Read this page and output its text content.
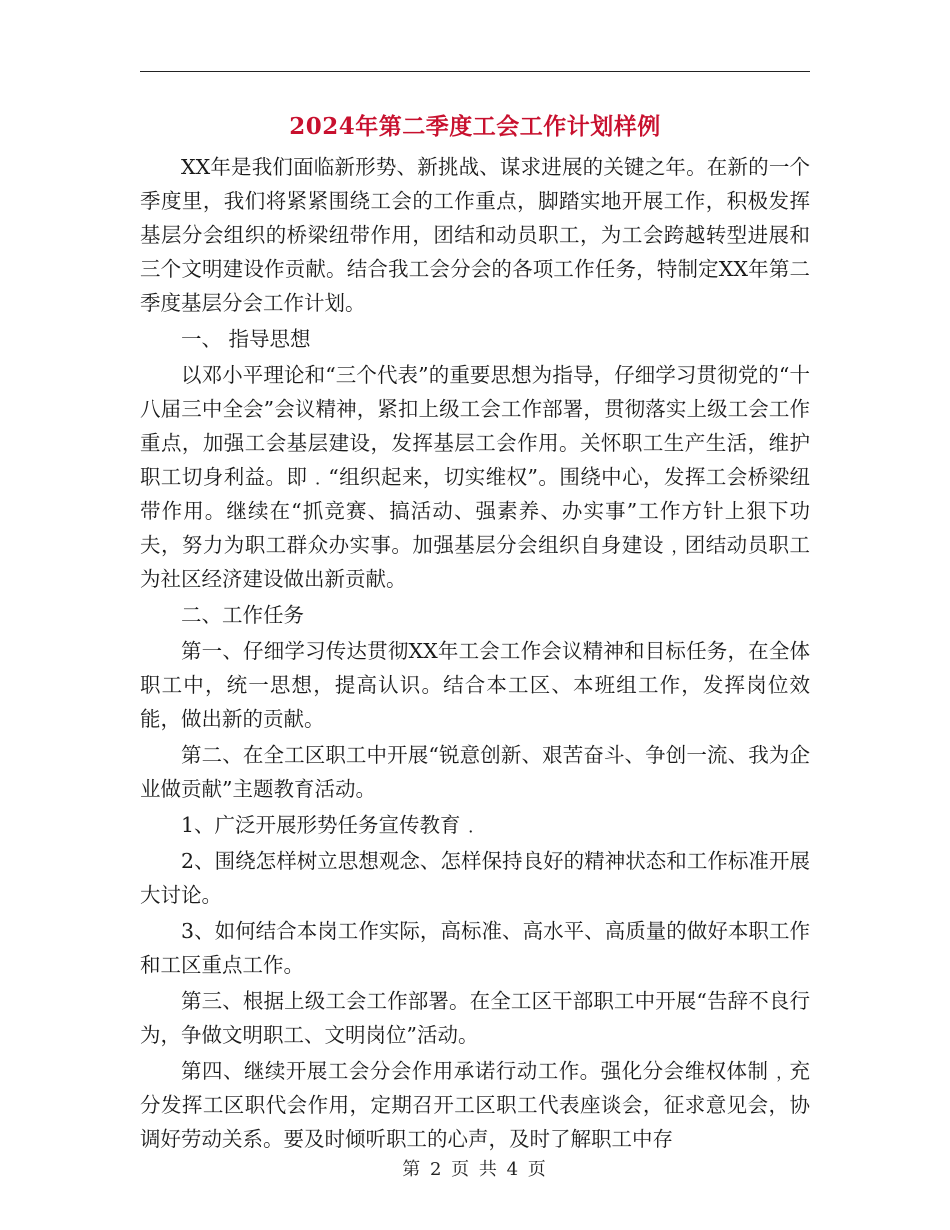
2024年第二季度工会工作计划样例

XX年是我们面临新形势、新挑战、谋求进展的关键之年。在新的一个季度里，我们将紧紧围绕工会的工作重点，脚踏实地开展工作，积极发挥基层分会组织的桥梁纽带作用，团结和动员职工，为工会跨越转型进展和三个文明建设作贡献。结合我工会分会的各项工作任务，特制定XX年第二季度基层分会工作计划。

一、 指导思想

以邓小平理论和“三个代表”的重要思想为指导，仔细学习贯彻党的“十八届三中全会”会议精神，紧扣上级工会工作部署，贯彻落实上级工会工作重点，加强工会基层建设，发挥基层工会作用。关怀职工生产生活，维护职工切身利益。即﹒“组织起来，切实维权”。围绕中心，发挥工会桥梁纽带作用。继续在“抓竞赛、搞活动、强素养、办实事”工作方针上狠下功夫，努力为职工群众办实事。加强基层分会组织自身建设﹐团结动员职工为社区经济建设做出新贡献。

二、工作任务

第一、仔细学习传达贯彻XX年工会工作会议精神和目标任务，在全体职工中，统一思想，提高认识。结合本工区、本班组工作，发挥岗位效能，做出新的贡献。

第二、在全工区职工中开展“锐意创新、艰苦奋斗、争创一流、我为企业做贡献”主题教育活动。

1、广泛开展形势任务宣传教育﹒

2、围绕怎样树立思想观念、怎样保持良好的精神状态和工作标准开展大讨论。

3、如何结合本岗工作实际，高标准、高水平、高质量的做好本职工作和工区重点工作。

第三、根据上级工会工作部署。在全工区干部职工中开展“告辞不良行为，争做文明职工、文明岗位”活动。

第四、继续开展工会分会作用承诺行动工作。强化分会维权体制﹐充分发挥工区职代会作用，定期召开工区职工代表座谈会，征求意见会，协调好劳动关系。要及时倾听职工的心声，及时了解职工中存

第 2 页 共 4 页
